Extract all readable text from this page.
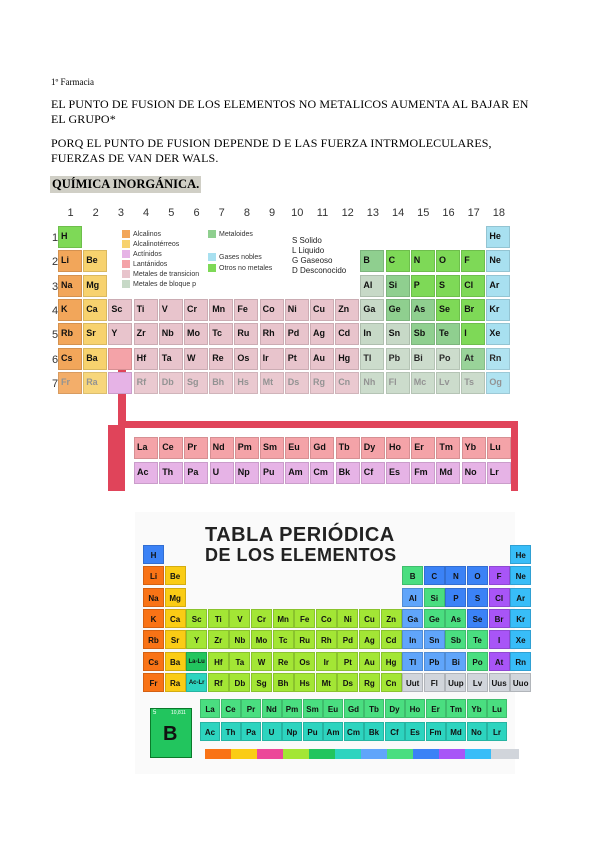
1º Farmacia
EL PUNTO DE FUSION DE LOS ELEMENTOS NO METALICOS AUMENTA AL BAJAR EN EL GRUPO*
PORQ EL PUNTO DE FUSION DEPENDE D E LAS FUERZA INTRMOLECULARES, FUERZAS DE VAN DER WALS.
QUÍMICA INORGÁNICA.
Alcalinos
Alcalinotérreos
Actínidos
Lantánidos
Metales de transicion
Metales de bloque p
Metaloides
Gases nobles
Otros no metales
S Solido
L Liquido
G Gaseoso
D Desconocido
TABLA PERIÓDICA
DE LOS ELEMENTOS
5	10,811
B
1	2	3	4	5	6	7	8	9	10	11	12	13	14	15	16	17	18
1
2
3
4
5
6
7
H	He
Li Be	B C N O F Ne
Na Mg	Al Si P S Cl Ar
K Ca Sc Ti V Cr Mn Fe Co Ni Cu Zn Ga Ge As Se Br Kr
Rb Sr Y Zr Nb Mo Tc Ru Rh Pd Ag Cd In Sn Sb Te I	Xe
Cs Ba	Hf Ta W Re Os Ir Pt Au Hg Tl Pb Bi Po At Rn
Fr Ra	Rf Db Sg Bh Hs Mt Ds Rg Cn Nh Fl Mc Lv Ts Og
La Ce Pr Nd Pm Sm Eu Gd Tb Dy Ho Er Tm Yb Lu
Ac Th Pa U Np Pu Am Cm Bk Cf Es Fm Md No Lr
H	He
Li	Be	B	C	N	O	F	Ne
Na	Mg	Al	Si	P	S	Cl	Ar
K	Ca	Sc	Ti	V	Cr	Mn	Fe	Co	Ni	Cu	Zn	Ga	Ge	As	Se	Br	Kr
Rb	Sr	Y	Zr	Nb	Mo	Tc	Ru	Rh	Pd	Ag	Cd	In	Sn	Sb	Te	I	Xe
Cs	Ba	La-Lu	Hf	Ta	W	Re	Os	Ir	Pt	Au	Hg	Tl	Pb	Bi	Po	At	Rn
Fr	Ra	Ac-Lr	Rf	Db	Sg	Bh	Hs	Mt	Ds	Rg	Cn	Uut	Fl	Uup	Lv	Uus Uuo
La	Ce	Pr	Nd	Pm	Sm	Eu	Gd	Tb	Dy	Ho	Er	Tm	Yb	Lu
Ac	Th	Pa	U	Np	Pu	Am Cm	Bk	Cf	Es	Fm	Md	No	Lr
